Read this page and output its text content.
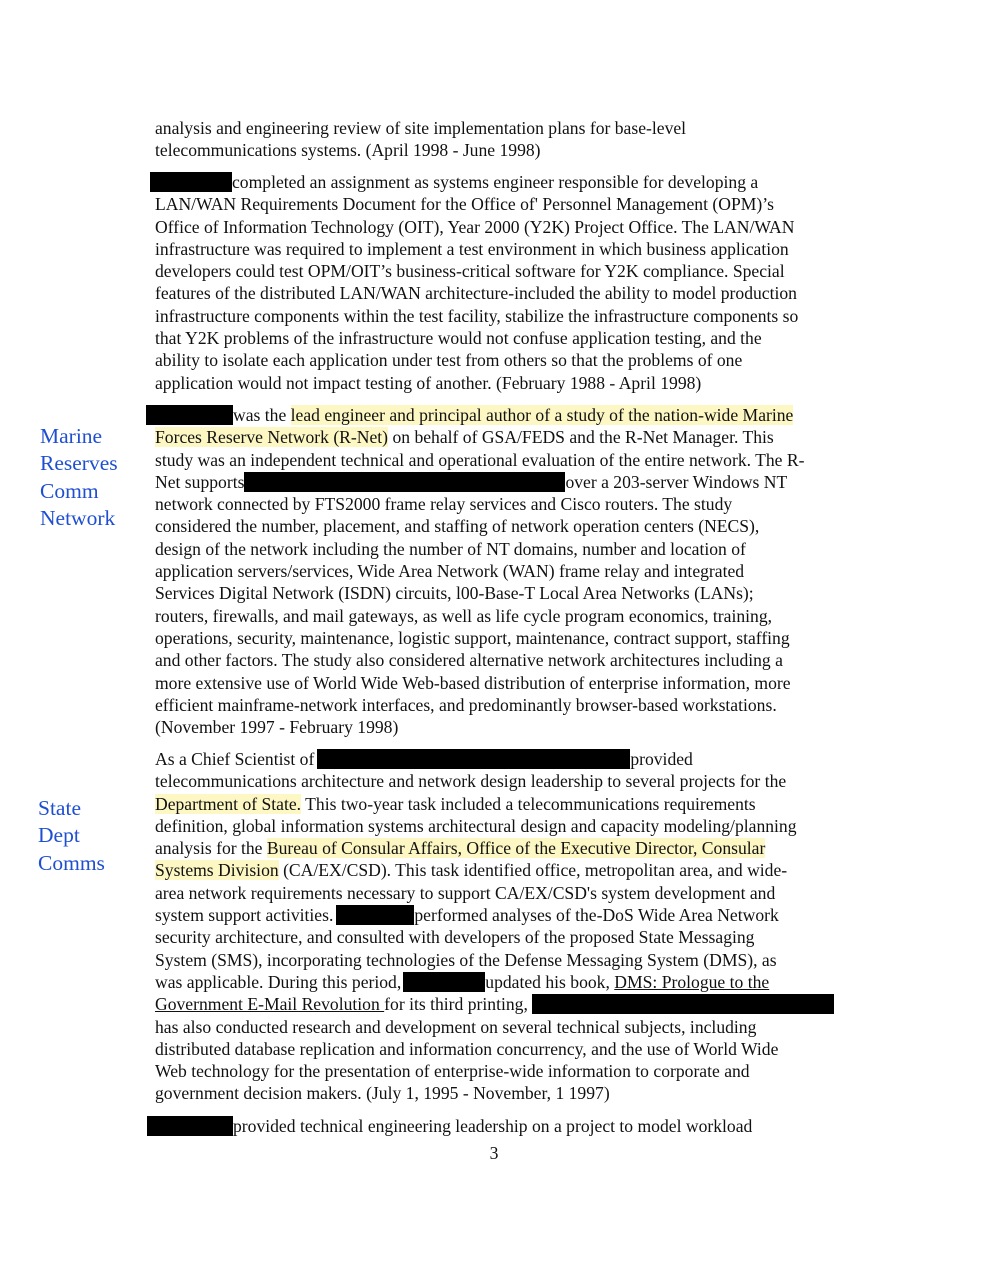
analysis and engineering review of site implementation plans for base-level
telecommunications systems. (April 1998 - June 1998)
completed an assignment as systems engineer responsible for developing a
LAN/WAN Requirements Document for the Office of' Personnel Management (OPM)’s
Office of Information Technology (OIT), Year 2000 (Y2K) Project Office. The LAN/WAN
infrastructure was required to implement a test environment in which business application
developers could test OPM/OIT’s business-critical software for Y2K compliance. Special
features of the distributed LAN/WAN architecture-included the ability to model production
infrastructure components within the test facility, stabilize the infrastructure components so
that Y2K problems of the infrastructure would not confuse application testing, and the
ability to isolate each application under test from others so that the problems of one
application would not impact testing of another. (February 1988 - April 1998)
Marine
Reserves
Comm
Network
was the lead engineer and principal author of a study of the nation-wide Marine
Forces Reserve Network (R-Net) on behalf of GSA/FEDS and the R-Net Manager. This
study was an independent technical and operational evaluation of the entire network. The R-
Net supports	over a 203-server Windows NT
network connected by FTS2000 frame relay services and Cisco routers. The study
considered the number, placement, and staffing of network operation centers (NECS),
design of the network including the number of NT domains, number and location of
application servers/services, Wide Area Network (WAN) frame relay and integrated
Services Digital Network (ISDN) circuits, l00-Base-T Local Area Networks (LANs);
routers, firewalls, and mail gateways, as well as life cycle program economics, training,
operations, security, maintenance, logistic support, maintenance, contract support, staffing
and other factors. The study also considered alternative network architectures including a
more extensive use of World Wide Web-based distribution of enterprise information, more
efficient mainframe-network interfaces, and predominantly browser-based workstations.
(November 1997 - February 1998)
State
Dept
Comms
As a Chief Scientist of	provided
telecommunications architecture and network design leadership to several projects for the
Department of State. This two-year task included a telecommunications requirements
definition, global information systems architectural design and capacity modeling/planning
analysis for the Bureau of Consular Affairs, Office of the Executive Director, Consular
Systems Division (CA/EX/CSD). This task identified office, metropolitan area, and wide-
area network requirements necessary to support CA/EX/CSD's system development and
system support activities.	performed analyses of the-DoS Wide Area Network
security architecture, and consulted with developers of the proposed State Messaging
System (SMS), incorporating technologies of the Defense Messaging System (DMS), as
was applicable. During this period,	updated his book, DMS: Prologue to the
Government E-Mail Revolution for its third printing,
has also conducted research and development on several technical subjects, including
distributed database replication and information concurrency, and the use of World Wide
Web technology for the presentation of enterprise-wide information to corporate and
government decision makers. (July 1, 1995 - November, 1 1997)
provided technical engineering leadership on a project to model workload
3
